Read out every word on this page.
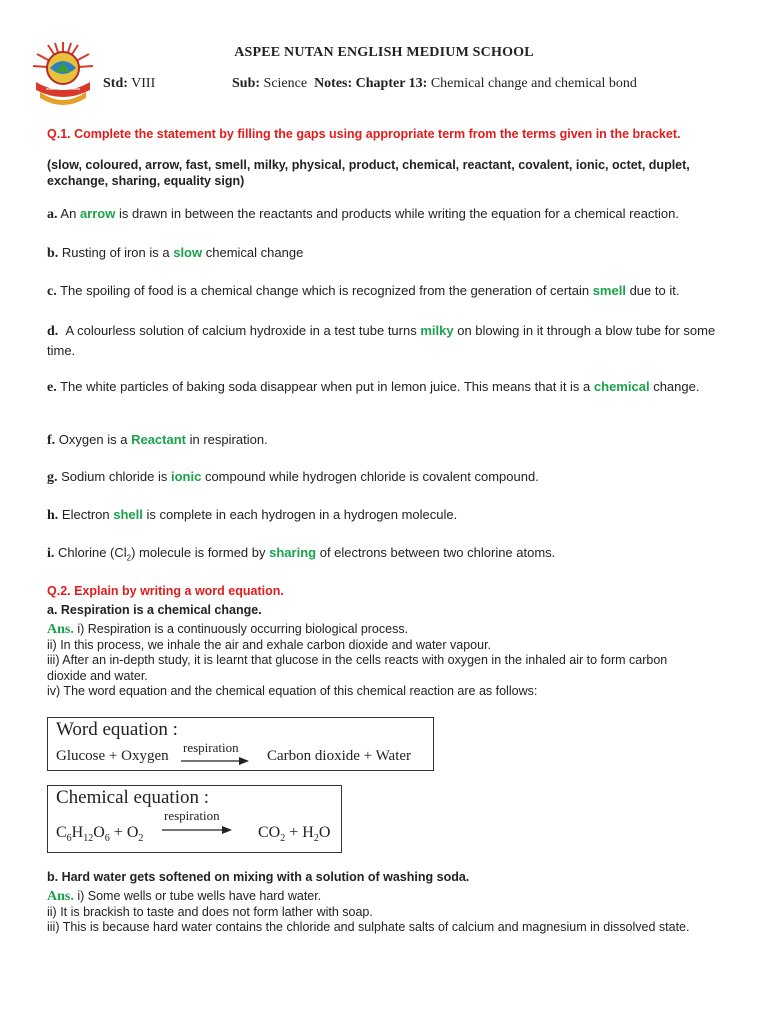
ASPEE NUTAN ENGLISH MEDIUM SCHOOL
Std: VIII	Sub: Science Notes: Chapter 13: Chemical change and chemical bond
Q.1. Complete the statement by filling the gaps using appropriate term from the terms given in the bracket.
(slow, coloured, arrow, fast, smell, milky, physical, product, chemical, reactant, covalent, ionic, octet, duplet, exchange, sharing, equality sign)
a. An arrow is drawn in between the reactants and products while writing the equation for a chemical reaction.
b. Rusting of iron is a slow chemical change
c. The spoiling of food is a chemical change which is recognized from the generation of certain smell due to it.
d. A colourless solution of calcium hydroxide in a test tube turns milky on blowing in it through a blow tube for some time.
e. The white particles of baking soda disappear when put in lemon juice. This means that it is a chemical change.
f. Oxygen is a Reactant in respiration.
g. Sodium chloride is ionic compound while hydrogen chloride is covalent compound.
h. Electron shell is complete in each hydrogen in a hydrogen molecule.
i. Chlorine $(Cl_2)$ molecule is formed by sharing of electrons between two chlorine atoms.
Q.2. Explain by writing a word equation.
a. Respiration is a chemical change.
Ans. i) Respiration is a continuously occurring biological process.
ii) In this process, we inhale the air and exhale carbon dioxide and water vapour.
iii) After an in-depth study, it is learnt that glucose in the cells reacts with oxygen in the inhaled air to form carbon dioxide and water.
iv) The word equation and the chemical equation of this chemical reaction are as follows:
Word equation :
Glucose + Oxygen
respiration
Carbon dioxide + Water
Chemical equation :
respiration
$C_6H_{12}O_6 + O_2$	$CO_2 + H_2O$
b. Hard water gets softened on mixing with a solution of washing soda.
Ans. i) Some wells or tube wells have hard water.
ii) It is brackish to taste and does not form lather with soap.
iii) This is because hard water contains the chloride and sulphate salts of calcium and magnesium in dissolved state.
